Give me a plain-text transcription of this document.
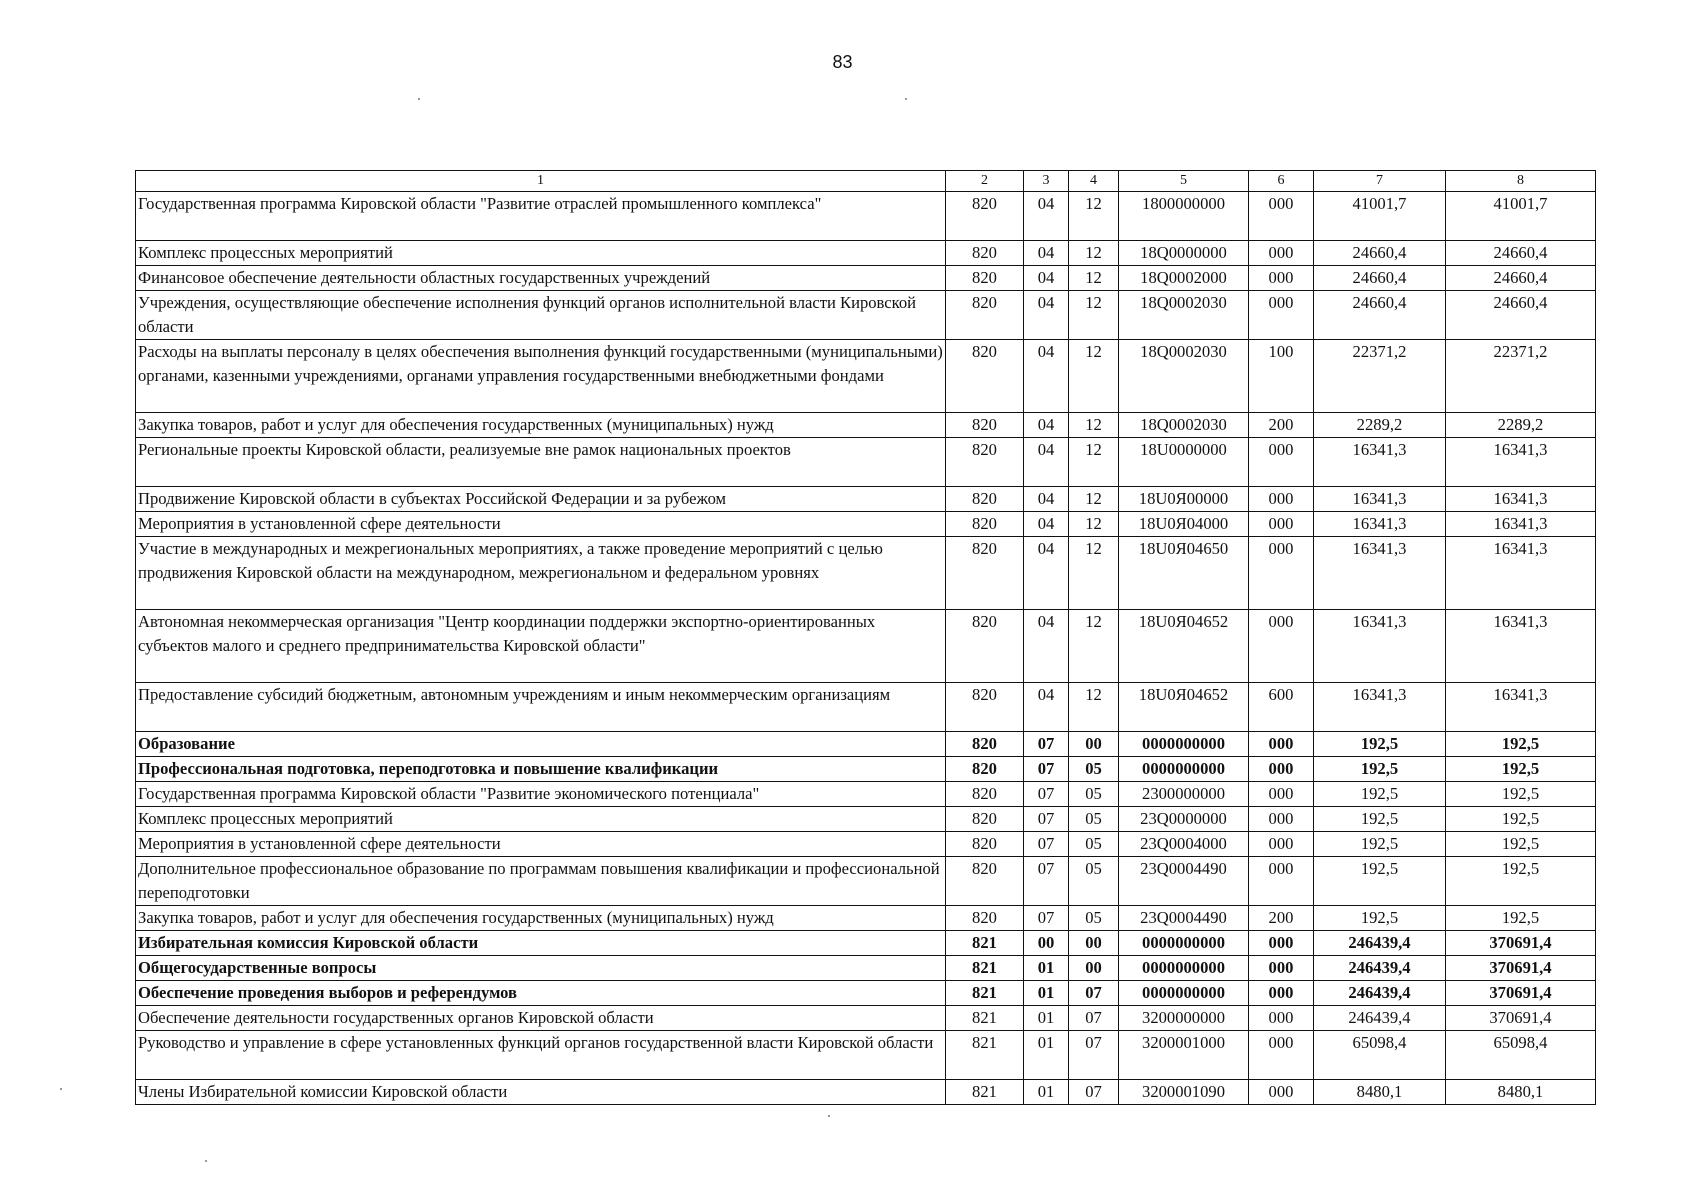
83
1	2	3	4	5	6	7	8
Государственная программа Кировской области "Развитие отраслей промышленного комплекса"	820	04	12	1800000000	000	41001,7	41001,7
Комплекс процессных мероприятий	820	04	12	18Q0000000	000	24660,4	24660,4
Финансовое обеспечение деятельности областных государственных учреждений	820	04	12	18Q0002000	000	24660,4	24660,4
Учреждения, осуществляющие обеспечение исполнения функций органов исполнительной власти Кировской области	820	04	12	18Q0002030	000	24660,4	24660,4
Расходы на выплаты персоналу в целях обеспечения выполнения функций государственными (муниципальными) органами, казенными учреждениями, органами управления государственными внебюджетными фондами	820	04	12	18Q0002030	100	22371,2	22371,2
Закупка товаров, работ и услуг для обеспечения государственных (муниципальных) нужд	820	04	12	18Q0002030	200	2289,2	2289,2
Региональные проекты Кировской области, реализуемые вне рамок национальных проектов	820	04	12	18U0000000	000	16341,3	16341,3
Продвижение Кировской области в субъектах Российской Федерации и за рубежом	820	04	12	18U0Я00000	000	16341,3	16341,3
Мероприятия в установленной сфере деятельности	820	04	12	18U0Я04000	000	16341,3	16341,3
Участие в международных и межрегиональных мероприятиях, а также проведение мероприятий с целью продвижения Кировской области на международном, межрегиональном и федеральном уровнях	820	04	12	18U0Я04650	000	16341,3	16341,3
Автономная некоммерческая организация "Центр координации поддержки экспортно-ориентированных субъектов малого и среднего предпринимательства Кировской области"	820	04	12	18U0Я04652	000	16341,3	16341,3
Предоставление субсидий бюджетным, автономным учреждениям и иным некоммерческим организациям	820	04	12	18U0Я04652	600	16341,3	16341,3
Образование	820	07	00	0000000000	000	192,5	192,5
Профессиональная подготовка, переподготовка и повышение квалификации	820	07	05	0000000000	000	192,5	192,5
Государственная программа Кировской области "Развитие экономического потенциала"	820	07	05	2300000000	000	192,5	192,5
Комплекс процессных мероприятий	820	07	05	23Q0000000	000	192,5	192,5
Мероприятия в установленной сфере деятельности	820	07	05	23Q0004000	000	192,5	192,5
Дополнительное профессиональное образование по программам повышения квалификации и профессиональной переподготовки	820	07	05	23Q0004490	000	192,5	192,5
Закупка товаров, работ и услуг для обеспечения государственных (муниципальных) нужд	820	07	05	23Q0004490	200	192,5	192,5
Избирательная комиссия Кировской области	821	00	00	0000000000	000	246439,4	370691,4
Общегосударственные вопросы	821	01	00	0000000000	000	246439,4	370691,4
Обеспечение проведения выборов и референдумов	821	01	07	0000000000	000	246439,4	370691,4
Обеспечение деятельности государственных органов Кировской области	821	01	07	3200000000	000	246439,4	370691,4
Руководство и управление в сфере установленных функций органов государственной власти Кировской области	821	01	07	3200001000	000	65098,4	65098,4
Члены Избирательной комиссии Кировской области	821	01	07	3200001090	000	8480,1	8480,1
